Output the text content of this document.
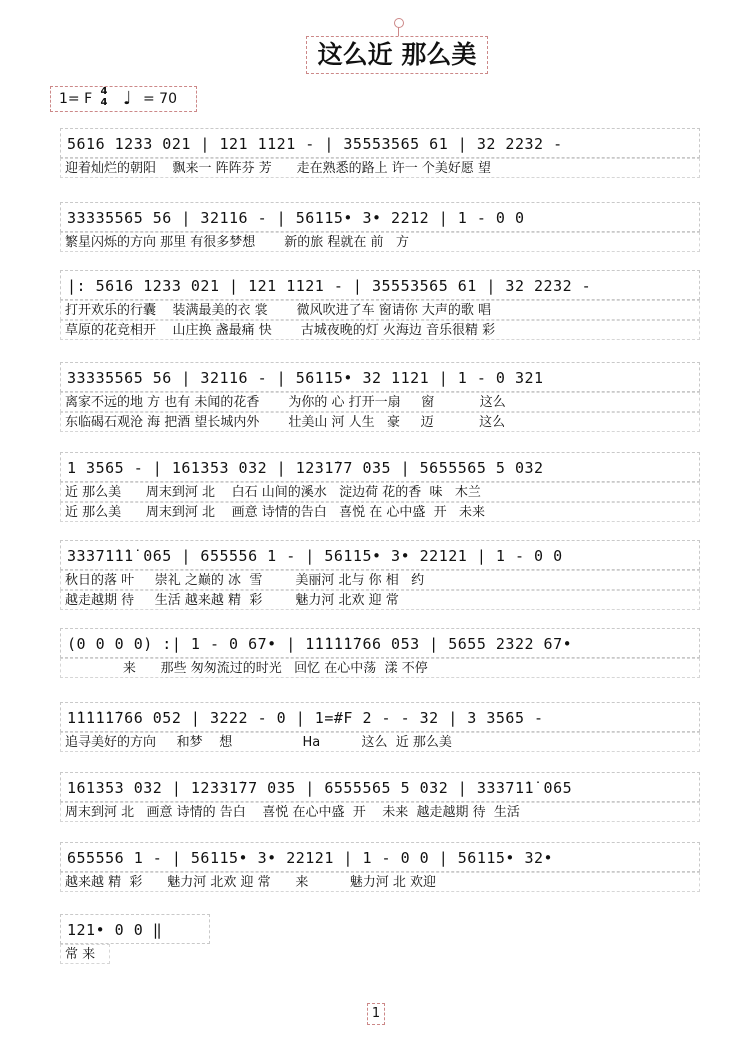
这么近 那么美
1= F 4
4 ♩ = 70
5616 1233 021 | 121 1121 - | 35553565 61 | 32 2232 -
迎着灿烂的朝阳    飘来一 阵阵芬 芳      走在熟悉的路上 许一 个美好愿 望
33335565 56 | 32116 - | 56115• 3• 2212 | 1 - 0 0
繁星闪烁的方向 那里 有很多梦想       新的旅 程就在 前   方
|: 5616 1233 021 | 121 1121 - | 35553565 61 | 32 2232 -
打开欢乐的行囊    装满最美的衣 裳       微风吹进了车 窗请你 大声的歌 唱
草原的花竞相开    山庄换 盏最痛 快       古城夜晚的灯 火海边 音乐很精 彩
33335565 56 | 32116 - | 56115• 32 1121 | 1 - 0 321
离家不远的地 方 也有 未闻的花香       为你的 心 打开一扇     窗           这么
东临碣石观沧 海 把酒 望长城内外       壮美山 河 人生   豪     迈           这么
1 3565 - | 161353 032 | 1231̇77 035 | 5655565 5 032
近 那么美      周末到河 北    白石 山间的溪水   淀边荷 花的香  味   木兰
近 那么美      周末到河 北    画意 诗情的告白   喜悦 在 心中盛  开   未来
33371̇1̇1̇ 065 | 655556 1 - | 56115• 3• 22121 | 1 - 0 0
秋日的落 叶     崇礼 之巅的 冰  雪        美丽河 北与 你 相   约
越走越期 待     生活 越来越 精  彩        魅力河 北欢 迎 常
(0 0 0 0) :| 1 - 0 67• | 1̇1̇1̇1̇1̇766 053 | 5655 2322 67•
来      那些 匆匆流过的时光   回忆 在心中荡  漾 不停
1̇1̇1̇1̇1̇766 052 | 3222 - 0 | 1=#F 2 - - 32 | 3 3565 -
追寻美好的方向     和梦    想                 Ha          这么  近 那么美
161353 032 | 12331̇77 035 | 6555565 5 032 | 33371̇1̇ 065
周末到河 北   画意 诗情的 告白    喜悦 在心中盛  开    未来  越走越期 待  生活
655556 1 - | 56115• 3• 22121 | 1 - 0 0 | 56115• 32•
越来越 精  彩      魅力河 北欢 迎 常      来          魅力河 北 欢迎
121• 0 0 ‖
常 来
1
